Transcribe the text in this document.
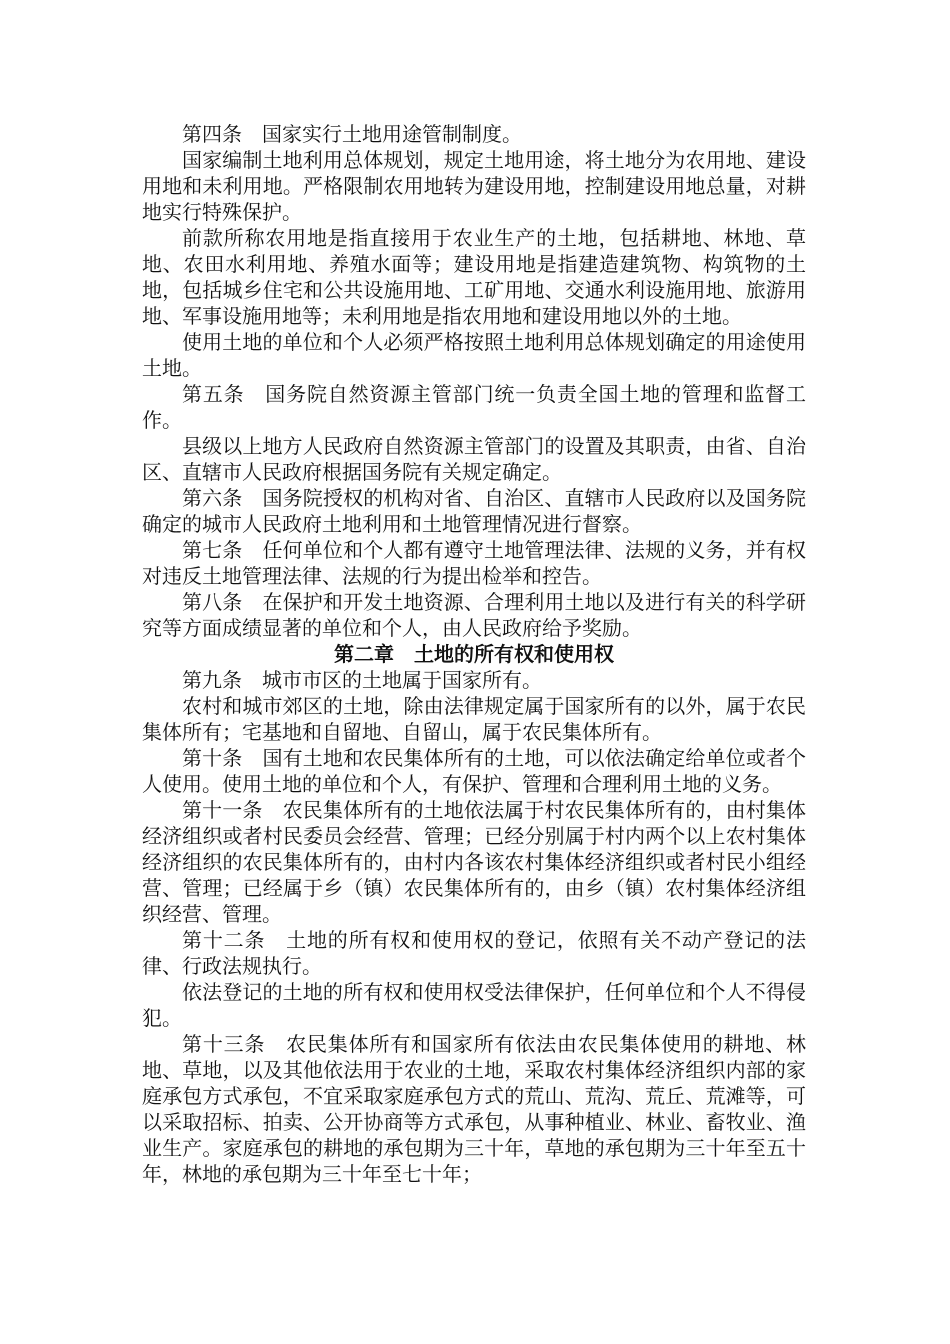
第四条　国家实行土地用途管制制度。

国家编制土地利用总体规划，规定土地用途，将土地分为农用地、建设用地和未利用地。严格限制农用地转为建设用地，控制建设用地总量，对耕地实行特殊保护。

前款所称农用地是指直接用于农业生产的土地，包括耕地、林地、草地、农田水利用地、养殖水面等；建设用地是指建造建筑物、构筑物的土地，包括城乡住宅和公共设施用地、工矿用地、交通水利设施用地、旅游用地、军事设施用地等；未利用地是指农用地和建设用地以外的土地。

使用土地的单位和个人必须严格按照土地利用总体规划确定的用途使用土地。

第五条　国务院自然资源主管部门统一负责全国土地的管理和监督工作。

县级以上地方人民政府自然资源主管部门的设置及其职责，由省、自治区、直辖市人民政府根据国务院有关规定确定。

第六条　国务院授权的机构对省、自治区、直辖市人民政府以及国务院确定的城市人民政府土地利用和土地管理情况进行督察。

第七条　任何单位和个人都有遵守土地管理法律、法规的义务，并有权对违反土地管理法律、法规的行为提出检举和控告。

第八条　在保护和开发土地资源、合理利用土地以及进行有关的科学研究等方面成绩显著的单位和个人，由人民政府给予奖励。

第二章　土地的所有权和使用权

第九条　城市市区的土地属于国家所有。

农村和城市郊区的土地，除由法律规定属于国家所有的以外，属于农民集体所有；宅基地和自留地、自留山，属于农民集体所有。

第十条　国有土地和农民集体所有的土地，可以依法确定给单位或者个人使用。使用土地的单位和个人，有保护、管理和合理利用土地的义务。

第十一条　农民集体所有的土地依法属于村农民集体所有的，由村集体经济组织或者村民委员会经营、管理；已经分别属于村内两个以上农村集体经济组织的农民集体所有的，由村内各该农村集体经济组织或者村民小组经营、管理；已经属于乡（镇）农民集体所有的，由乡（镇）农村集体经济组织经营、管理。

第十二条　土地的所有权和使用权的登记，依照有关不动产登记的法律、行政法规执行。

依法登记的土地的所有权和使用权受法律保护，任何单位和个人不得侵犯。

第十三条　农民集体所有和国家所有依法由农民集体使用的耕地、林地、草地，以及其他依法用于农业的土地，采取农村集体经济组织内部的家庭承包方式承包，不宜采取家庭承包方式的荒山、荒沟、荒丘、荒滩等，可以采取招标、拍卖、公开协商等方式承包，从事种植业、林业、畜牧业、渔业生产。家庭承包的耕地的承包期为三十年，草地的承包期为三十年至五十年，林地的承包期为三十年至七十年；
